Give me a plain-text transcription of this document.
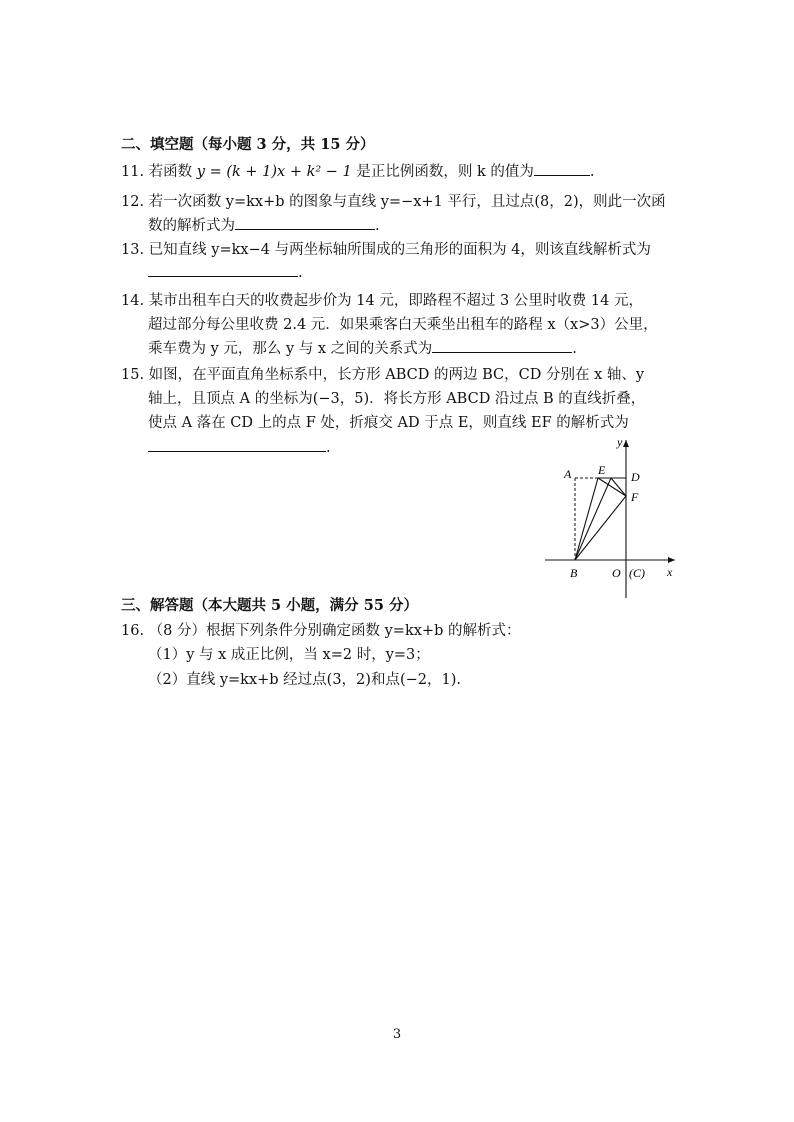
二、填空题（每小题 3 分，共 15 分）
11. 若函数 y = (k + 1)x + k² − 1 是正比例函数，则 k 的值为	.
12. 若一次函数 y=kx+b 的图象与直线 y=−x+1 平行，且过点(8，2)，则此一次函
数的解析式为	.
13. 已知直线 y=kx−4 与两坐标轴所围成的三角形的面积为 4，则该直线解析式为
.
14. 某市出租车白天的收费起步价为 14 元，即路程不超过 3 公里时收费 14 元，
超过部分每公里收费 2.4 元．如果乘客白天乘坐出租车的路程 x（x>3）公里，
乘车费为 y 元，那么 y 与 x 之间的关系式为	.
15. 如图，在平面直角坐标系中，长方形 ABCD 的两边 BC，CD 分别在 x 轴、y
轴上，且顶点 A 的坐标为(−3，5)．将长方形 ABCD 沿过点 B 的直线折叠，
使点 A 落在 CD 上的点 F 处，折痕交 AD 于点 E，则直线 EF 的解析式为
.
A E D
F
B	O (C) x
y
三、解答题（本大题共 5 小题，满分 55 分）
16. （8 分）根据下列条件分别确定函数 y=kx+b 的解析式：
（1）y 与 x 成正比例，当 x=2 时，y=3；
（2）直线 y=kx+b 经过点(3，2)和点(−2，1).
3
